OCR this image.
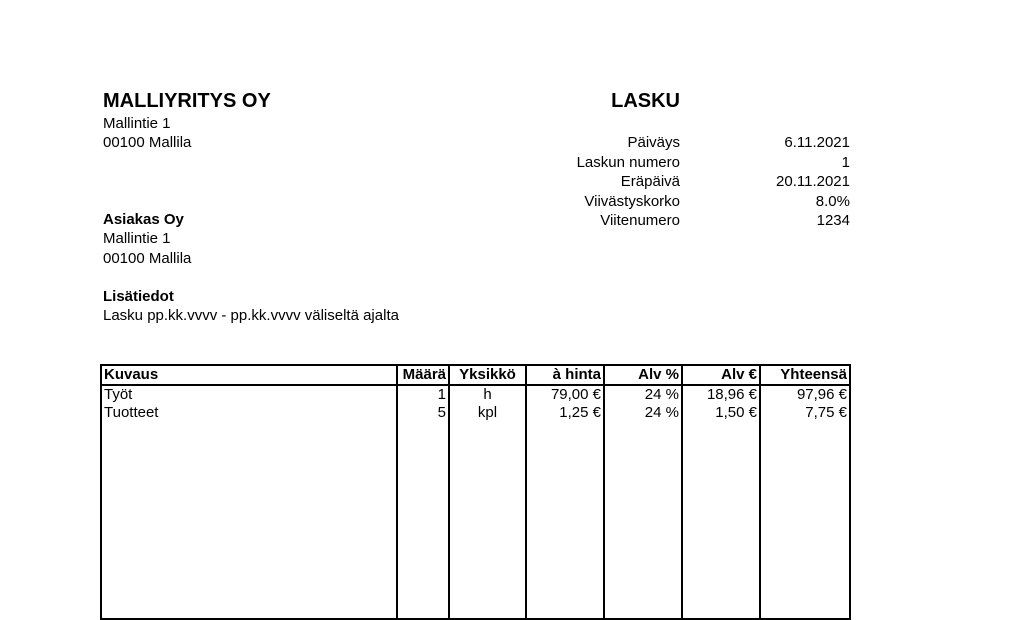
MALLIYRITYS OY
Mallintie 1
00100 Mallila
LASKU
Päiväys	6.11.2021
Laskun numero	1
Eräpäivä	20.11.2021
Viivästyskorko	8.0%
Viitenumero	1234
Asiakas Oy
Mallintie 1
00100 Mallila
Lisätiedot
Lasku pp.kk.vvvv - pp.kk.vvvv väliseltä ajalta
Kuvaus	Määrä	Yksikkö	à hinta	Alv %	Alv €	Yhteensä
Työt	1	h	79,00 €	24 %	18,96 €	97,96 €
Tuotteet	5	kpl	1,25 €	24 %	1,50 €	7,75 €
